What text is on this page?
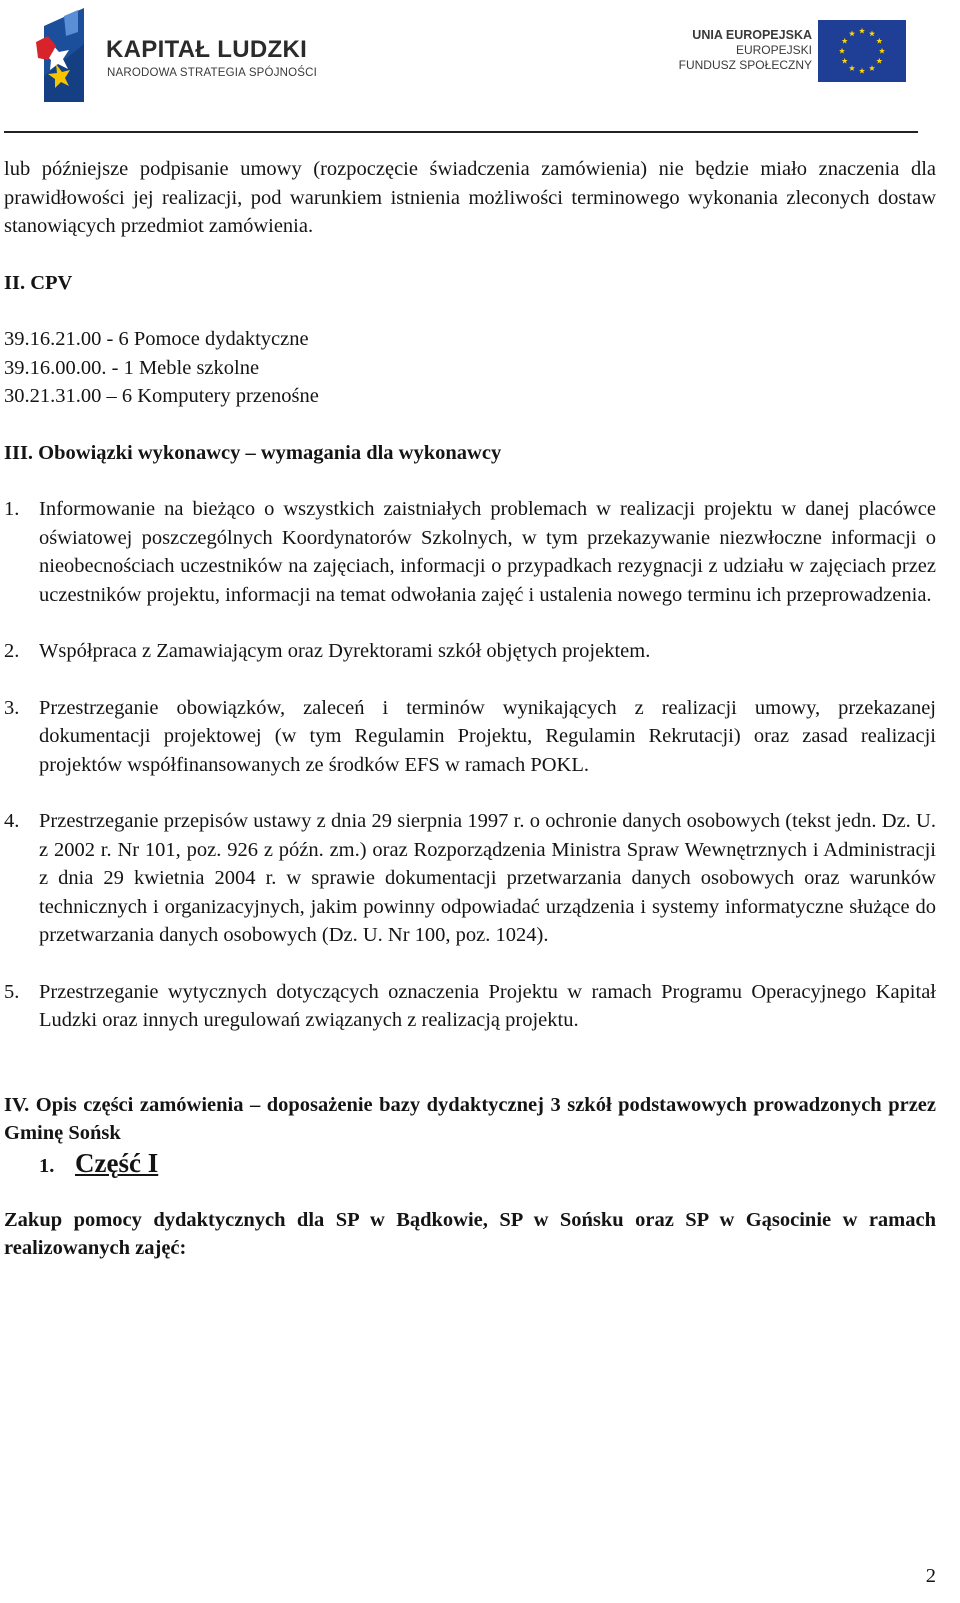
KAPITAŁ LUDZKI
NARODOWA STRATEGIA SPÓJNOŚCI
UNIA EUROPEJSKA
EUROPEJSKI
FUNDUSZ SPOŁECZNY

lub późniejsze podpisanie umowy (rozpoczęcie świadczenia zamówienia) nie będzie miało znaczenia dla prawidłowości jej realizacji, pod warunkiem istnienia możliwości terminowego wykonania zleconych dostaw stanowiących przedmiot zamówienia.

II. CPV

39.16.21.00 - 6 Pomoce dydaktyczne

39.16.00.00. - 1 Meble szkolne

30.21.31.00 – 6 Komputery przenośne

III. Obowiązki wykonawcy – wymagania dla wykonawcy

1. Informowanie na bieżąco o wszystkich zaistniałych problemach w realizacji projektu w danej placówce oświatowej poszczególnych Koordynatorów Szkolnych, w tym przekazywanie niezwłoczne informacji o nieobecnościach uczestników na zajęciach, informacji o przypadkach rezygnacji z udziału w zajęciach przez uczestników projektu, informacji na temat odwołania zajęć i ustalenia nowego terminu ich przeprowadzenia.
2. Współpraca z Zamawiającym oraz Dyrektorami szkół objętych projektem.
3. Przestrzeganie obowiązków, zaleceń i terminów wynikających z realizacji umowy, przekazanej dokumentacji projektowej (w tym Regulamin Projektu, Regulamin Rekrutacji) oraz zasad realizacji projektów współfinansowanych ze środków EFS w ramach POKL.
4. Przestrzeganie przepisów ustawy z dnia 29 sierpnia 1997 r. o ochronie danych osobowych (tekst jedn. Dz. U. z 2002 r. Nr 101, poz. 926 z późn. zm.) oraz Rozporządzenia Ministra Spraw Wewnętrznych i Administracji z dnia 29 kwietnia 2004 r. w sprawie dokumentacji przetwarzania danych osobowych oraz warunków technicznych i organizacyjnych, jakim powinny odpowiadać urządzenia i systemy informatyczne służące do przetwarzania danych osobowych (Dz. U. Nr 100, poz. 1024).
5. Przestrzeganie wytycznych dotyczących oznaczenia Projektu w ramach Programu Operacyjnego Kapitał Ludzki oraz innych uregulowań związanych z realizacją projektu.

IV. Opis części zamówienia – doposażenie bazy dydaktycznej 3 szkół podstawowych prowadzonych przez Gminę Sońsk

1. Część I

Zakup pomocy dydaktycznych dla SP w Bądkowie, SP w Sońsku oraz SP w Gąsocinie w ramach realizowanych zajęć:

2
